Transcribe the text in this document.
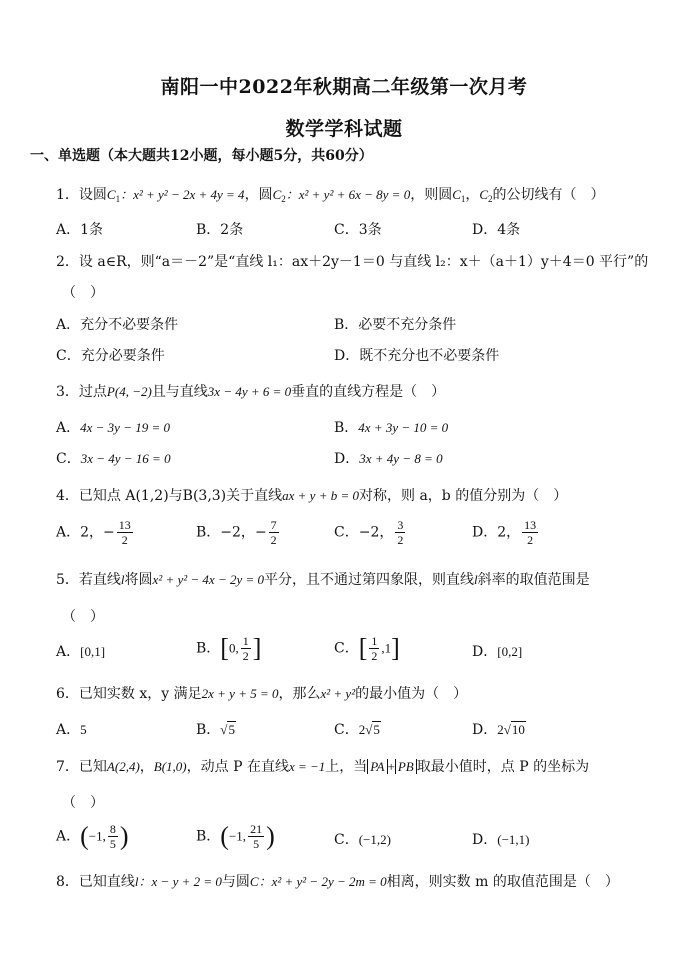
南阳一中2022年秋期高二年级第一次月考
数学学科试题
一、单选题（本大题共12小题，每小题5分，共60分）
1．设圆$C_1$：x² + y² − 2x + 4y = 4，圆$C_2$：x² + y² + 6x − 8y = 0，则圆$C_1$，$C_2$的公切线有（　）
A．1条	B．2条	C．3条	D．4条
2．设 a∈R，则“a＝－2”是“直线 l₁：ax＋2y－1＝0 与直线 l₂：x＋（a＋1）y＋4＝0 平行”的
（　）
A．充分不必要条件	B．必要不充分条件
C．充分必要条件	D．既不充分也不必要条件
3．过点P(4, −2)且与直线3x − 4y + 6 = 0垂直的直线方程是（　）
A．4x − 3y − 19 = 0	B．4x + 3y − 10 = 0
C．3x − 4y − 16 = 0	D．3x + 4y − 8 = 0
4．已知点 A(1,2)与B(3,3)关于直线ax + y + b = 0对称，则 a，b 的值分别为（　）
A．2，− $\frac{13}{2}$	B．−2，− $\frac{7}{2}$	C．−2， $\frac{3}{2}$	D．2， $\frac{13}{2}$
5．若直线l将圆x² + y² − 4x − 2y = 0平分，且不通过第四象限，则直线l斜率的取值范围是
（　）
A．[0,1]	B．[0, $\frac{1}{2}$ ]	C．[ $\frac{1}{2} ,1$]	D．[0,2]
6．已知实数 x，y 满足2x + y + 5 = 0，那么x² + y²的最小值为（　）
A．5	B．√5	C．2√5	D．2√10
7．已知A(2,4)，B(1,0)，动点 P 在直线x = −1上，当 PA + PB 取最小值时，点 P 的坐标为
（　）
A．(−1, $\frac{8}{5}$ )	B．(−1, $\frac{21}{5}$ )	C．(−1,2)	D．(−1,1)
8．已知直线l：x − y + 2 = 0与圆C：x² + y² − 2y − 2m = 0相离，则实数 m 的取值范围是（　）
